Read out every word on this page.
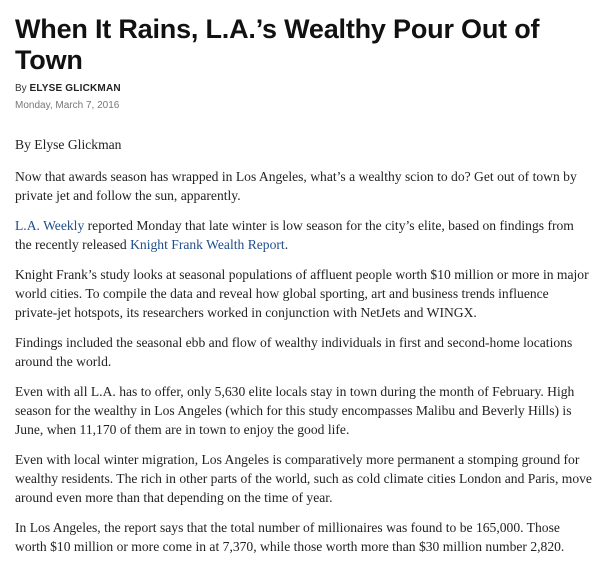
When It Rains, L.A.’s Wealthy Pour Out of Town
By ELYSE GLICKMAN
Monday, March 7, 2016

By Elyse Glickman

Now that awards season has wrapped in Los Angeles, what’s a wealthy scion to do? Get out of town by private jet and follow the sun, apparently.

L.A. Weekly reported Monday that late winter is low season for the city’s elite, based on findings from the recently released Knight Frank Wealth Report.

Knight Frank’s study looks at seasonal populations of affluent people worth $10 million or more in major world cities. To compile the data and reveal how global sporting, art and business trends influence private-jet hotspots, its researchers worked in conjunction with NetJets and WINGX.

Findings included the seasonal ebb and flow of wealthy individuals in first and second-home locations around the world.

Even with all L.A. has to offer, only 5,630 elite locals stay in town during the month of February. High season for the wealthy in Los Angeles (which for this study encompasses Malibu and Beverly Hills) is June, when 11,170 of them are in town to enjoy the good life.

Even with local winter migration, Los Angeles is comparatively more permanent a stomping ground for wealthy residents. The rich in other parts of the world, such as cold climate cities London and Paris, move around even more than that depending on the time of year.

In Los Angeles, the report says that the total number of millionaires was found to be 165,000. Those worth $10 million or more come in at 7,370, while those worth more than $30 million number 2,820.
